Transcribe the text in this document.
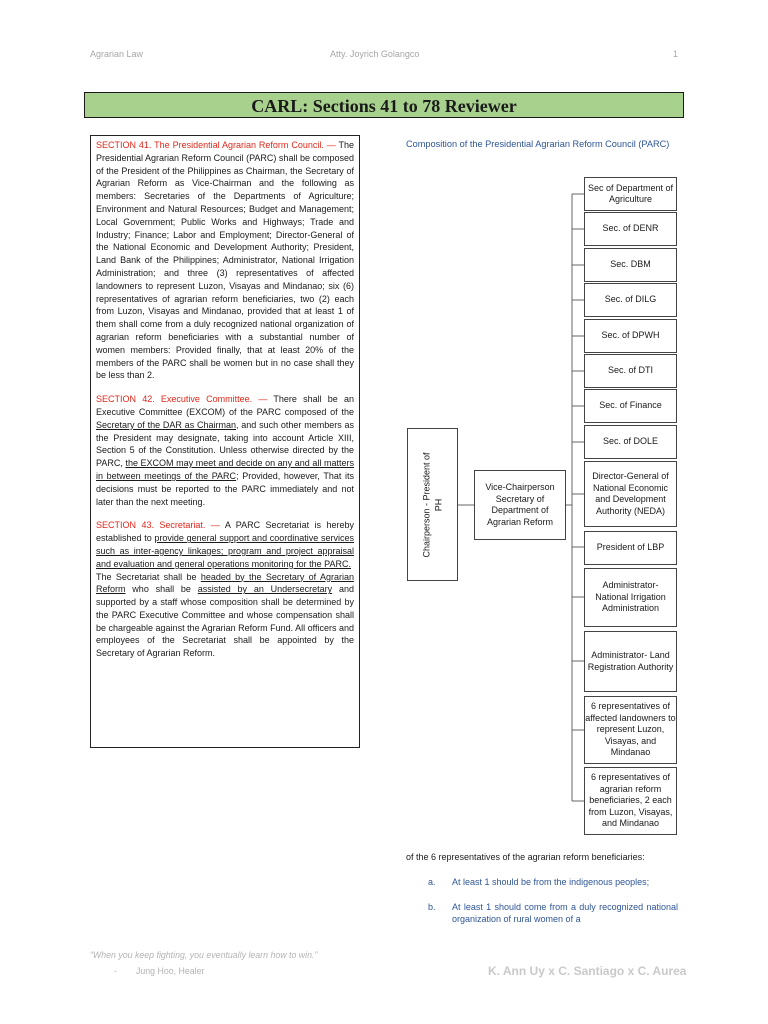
Agrarian Law	Atty. Joyrich Golangco	1
CARL: Sections 41 to 78 Reviewer

SECTION 41. The Presidential Agrarian Reform Council. — The Presidential Agrarian Reform Council (PARC) shall be composed of the President of the Philippines as Chairman, the Secretary of Agrarian Reform as Vice-Chairman and the following as members: Secretaries of the Departments of Agriculture; Environment and Natural Resources; Budget and Management; Local Government; Public Works and Highways; Trade and Industry; Finance; Labor and Employment; Director-General of the National Economic and Development Authority; President, Land Bank of the Philippines; Administrator, National Irrigation Administration; and three (3) representatives of affected landowners to represent Luzon, Visayas and Mindanao; six (6) representatives of agrarian reform beneficiaries, two (2) each from Luzon, Visayas and Mindanao, provided that at least 1 of them shall come from a duly recognized national organization of agrarian reform beneficiaries with a substantial number of women members: Provided finally, that at least 20% of the members of the PARC shall be women but in no case shall they be less than 2.

SECTION 42. Executive Committee. — There shall be an Executive Committee (EXCOM) of the PARC composed of the Secretary of the DAR as Chairman, and such other members as the President may designate, taking into account Article XIII, Section 5 of the Constitution. Unless otherwise directed by the PARC, the EXCOM may meet and decide on any and all matters in between meetings of the PARC; Provided, however, That its decisions must be reported to the PARC immediately and not later than the next meeting.

SECTION 43. Secretariat. — A PARC Secretariat is hereby established to provide general support and coordinative services such as inter-agency linkages; program and project appraisal and evaluation and general operations monitoring for the PARC.
The Secretariat shall be headed by the Secretary of Agrarian Reform who shall be assisted by an Undersecretary and supported by a staff whose composition shall be determined by the PARC Executive Committee and whose compensation shall be chargeable against the Agrarian Reform Fund. All officers and employees of the Secretariat shall be appointed by the Secretary of Agrarian Reform.

Composition of the Presidential Agrarian Reform Council (PARC)
Chairperson - President of PH
Vice-Chairperson Secretary of Department of Agrarian Reform
Sec of Department of Agriculture
Sec. of DENR
Sec. DBM
Sec. of DILG
Sec. of DPWH
Sec. of DTI
Sec. of Finance
Sec. of DOLE
Director-General of National Economic and Development Authority (NEDA)
President of LBP
Administrator- National Irrigation Administration
Administrator- Land Registration Authority
6 representatives of affected landowners to represent Luzon, Visayas, and Mindanao
6 representatives of agrarian reform beneficiaries, 2 each from Luzon, Visayas, and Mindanao
of the 6 representatives of the agrarian reform beneficiaries:
a. At least 1 should be from the indigenous peoples;
b. At least 1 should come from a duly recognized national organization of rural women of a
“When you keep fighting, you eventually learn how to win.”
- Jung Hoo, Healer	K. Ann Uy x C. Santiago x C. Aurea
